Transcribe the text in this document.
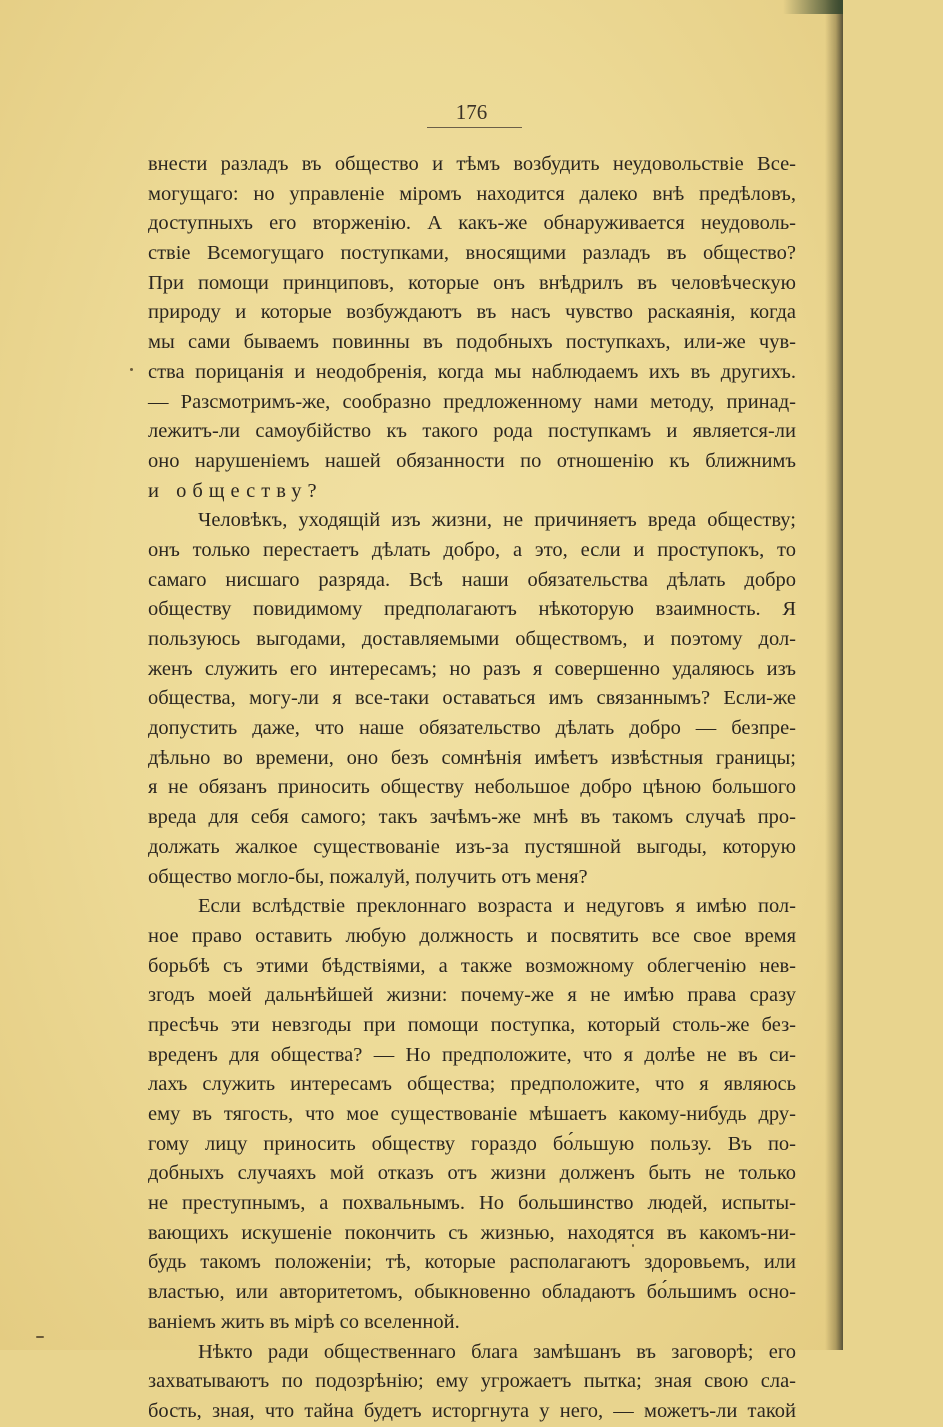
176
внести разладъ въ общество и тѣмъ возбудить неудовольствіе Все-
могущаго: но управленіе міромъ находится далеко внѣ предѣловъ,
доступныхъ его вторженію. А какъ-же обнаруживается неудоволь-
ствіе Всемогущаго поступками, вносящими разладъ въ общество?
При помощи принциповъ, которые онъ внѣдрилъ въ человѣческую
природу и которые возбуждаютъ въ насъ чувство раскаянія, когда
мы сами бываемъ повинны въ подобныхъ поступкахъ, или-же чув-
ства порицанія и неодобренія, когда мы наблюдаемъ ихъ въ другихъ.
— Разсмотримъ-же, сообразно предложенному нами методу, принад-
лежитъ-ли самоубійство къ такого рода поступкамъ и является-ли
оно нарушеніемъ нашей обязанности по отношенію къ ближнимъ
и обществу?
Человѣкъ, уходящій изъ жизни, не причиняетъ вреда обществу;
онъ только перестаетъ дѣлать добро, а это, если и проступокъ, то
самаго нисшаго разряда. Всѣ наши обязательства дѣлать добро
обществу повидимому предполагаютъ нѣкоторую взаимность. Я
пользуюсь выгодами, доставляемыми обществомъ, и поэтому дол-
женъ служить его интересамъ; но разъ я совершенно удаляюсь изъ
общества, могу-ли я все-таки оставаться имъ связаннымъ? Если-же
допустить даже, что наше обязательство дѣлать добро — безпре-
дѣльно во времени, оно безъ сомнѣнія имѣетъ извѣстныя границы;
я не обязанъ приносить обществу небольшое добро цѣною большого
вреда для себя самого; такъ зачѣмъ-же мнѣ въ такомъ случаѣ про-
должать жалкое существованіе изъ-за пустяшной выгоды, которую
общество могло-бы, пожалуй, получить отъ меня?
Если вслѣдствіе преклоннаго возраста и недуговъ я имѣю пол-
ное право оставить любую должность и посвятить все свое время
борьбѣ съ этими бѣдствіями, а также возможному облегченію нев-
згодъ моей дальнѣйшей жизни: почему-же я не имѣю права сразу
пресѣчь эти невзгоды при помощи поступка, который столь-же без-
вреденъ для общества? — Но предположите, что я долѣе не въ си-
лахъ служить интересамъ общества; предположите, что я являюсь
ему въ тягость, что мое существованіе мѣшаетъ какому-нибудь дру-
гому лицу приносить обществу гораздо бо́льшую пользу. Въ по-
добныхъ случаяхъ мой отказъ отъ жизни долженъ быть не только
не преступнымъ, а похвальнымъ. Но большинство людей, испыты-
вающихъ искушеніе покончить съ жизнью, находятся въ какомъ-ни-
будь такомъ положеніи; тѣ, которые располагаютъ здоровьемъ, или
властью, или авторитетомъ, обыкновенно обладаютъ бо́льшимъ осно-
ваніемъ жить въ мірѣ со вселенной.
Нѣкто ради общественнаго блага замѣшанъ въ заговорѣ; его
захватываютъ по подозрѣнію; ему угрожаетъ пытка; зная свою сла-
бость, зная, что тайна будетъ исторгнута у него, — можетъ-ли такой
